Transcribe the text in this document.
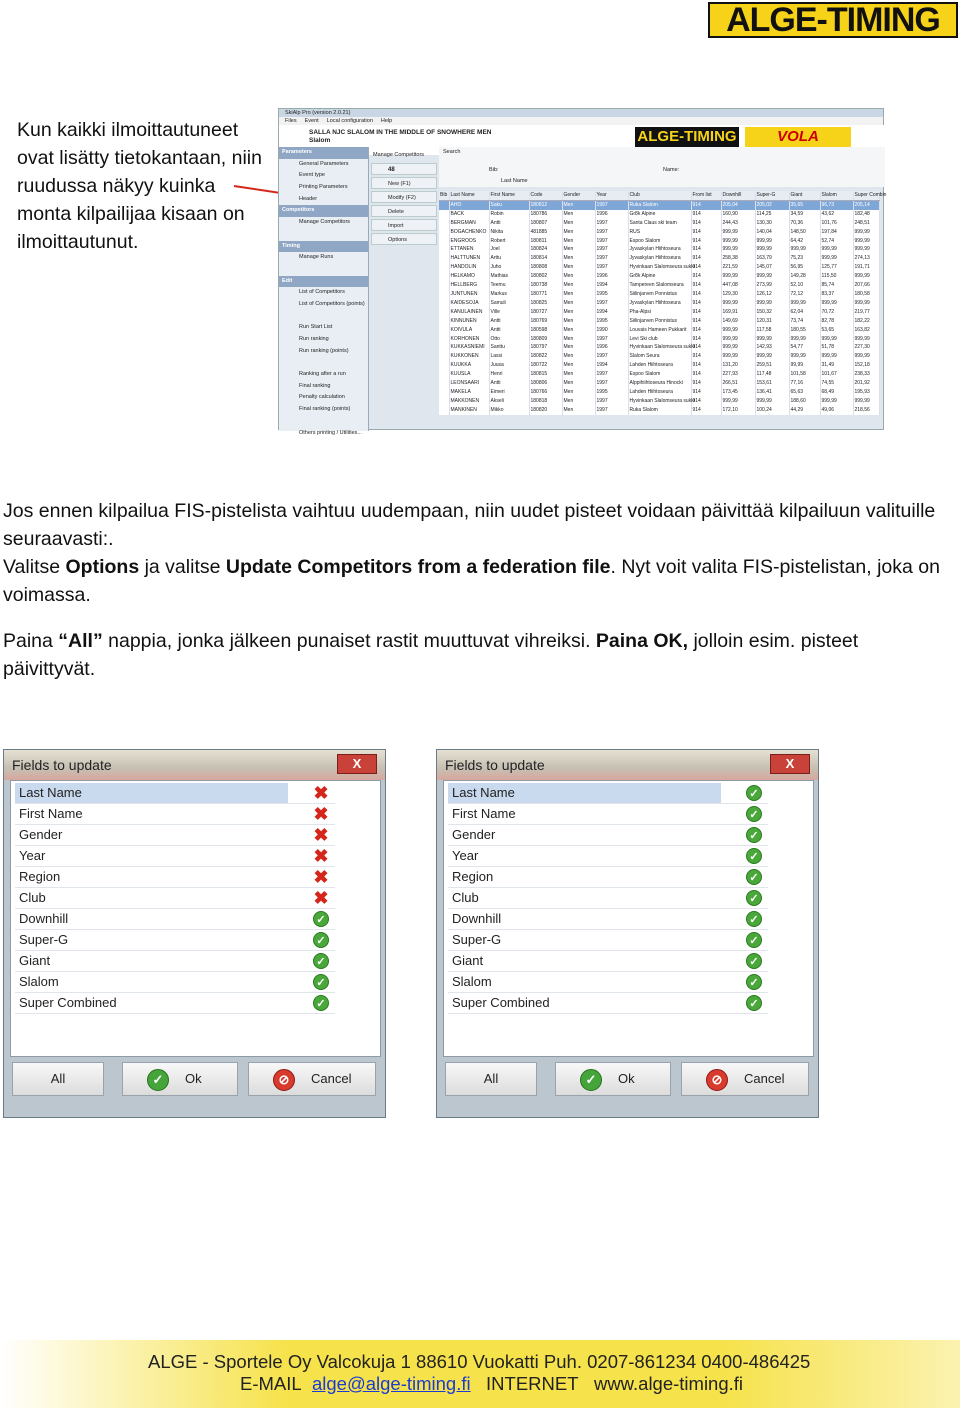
ALGE-TIMING
Kun kaikki ilmoittautuneet ovat lisätty tietokantaan, niin ruudussa näkyy kuinka monta kilpailijaa kisaan on ilmoittautunut.
SkiAlp Pro (version 2.0.21)
Files Event Local configuration Help
SALLA NJC SLALOM IN THE MIDDLE OF SNOWHERE MEN
Slalom	ALGE-TIMING	VOLA
Parameters
General Parameters
Event type
Printing Parameters
Header
Competitors
Manage Competitors
Timing
Manage Runs
Edit
List of Competitors
List of Competitors (points)
Run Start List
Run ranking
Run ranking (points)
Ranking after a run
Final ranking
Penalty calculation
Final ranking (points)
Others printing / Utilities...
Manage Competitors
48
New (F1)
Modify (F2)
Delete
Import
Options
Search
Bib:	Name:
Last Name
Bib	Last Name	First Name	Code	Gender	Year	Club	From list	Downhill	Super-G	Giant	Slalom	Super Combin
	AHO	Saku	180812	Men	1997	Ruka Slalom	914	205,04	205,02	35,65	96,73	205,14
	BACK	Robin	180786	Men	1996	Gr8k Alpine	914	160,90	114,25	34,59	43,62	182,48
	BERGMAN	Antti	180807	Men	1997	Santa Claus ski team	914	244,43	130,30	70,36	101,76	248,51
	BOGACHENKO	Nikita	481885	Men	1997	RUS	914	999,99	140,04	148,50	197,84	999,99
	ENGROOS	Robert	180811	Men	1997	Espoo Slalom	914	999,99	999,99	64,42	52,74	999,99
	ETTANEN	Joel	180824	Men	1997	Jyvaskylan Hiihtoseura	914	999,99	999,99	999,99	999,99	999,99
	HALTTUNEN	Arttu	180814	Men	1997	Jyvaskylan Hiihtoseura	914	258,38	163,79	75,23	999,99	274,13
	HANDOLIN	Juho	180808	Men	1997	Hyvinkaan Slalomseura sukki	914	221,59	145,07	56,95	125,77	191,71
	HELKAMO	Mathias	180802	Men	1996	Gr8k Alpine	914	999,99	999,99	149,28	115,50	999,99
	HELLBERG	Teemu	180738	Men	1994	Tampereen Slalomseura	914	447,08	273,99	52,10	85,74	207,66
	JUNTUNEN	Markus	180771	Men	1995	Siilinjarven Ponnistus	914	129,30	126,12	72,12	83,37	180,58
	KAIDESOJA	Samuli	180825	Men	1997	Jyvaskylan Hiihtoseura	914	999,99	999,99	999,99	999,99	999,99
	KANULAINEN	Ville	180727	Men	1994	Pha-Alpsi	914	169,91	150,32	62,04	70,72	219,77
	KINNUNEN	Antti	180769	Men	1995	Siilinjarven Ponnistus	914	149,69	120,31	73,74	82,78	182,22
	KOIVULA	Antti	180598	Men	1990	Louvais Hameen Pukkarit	914	999,99	117,58	180,55	53,65	163,82
	KORHONEN	Otto	180809	Men	1997	Levi Ski club	914	999,99	999,99	999,99	999,99	999,99
	KUKKASNIEMI	Santtu	180797	Men	1996	Hyvinkaan Slalomseura sukki	914	999,99	142,93	54,77	51,78	227,30
	KUKKONEN	Lassi	180822	Men	1997	Slalom Seura	914	999,99	999,99	999,99	999,99	999,99
	KUUKKA	Juusa	180722	Men	1994	Lahden Hiihtoseura	914	131,20	259,51	99,99	31,49	152,18
	KUUSLA	Henri	180815	Men	1997	Espoo Slalom	914	227,93	117,48	101,58	101,67	238,33
	LEONSAARI	Antti	180806	Men	1997	Alppihiihtoseura Hinocki	914	266,51	153,61	77,16	74,55	201,92
	MAKELA	Eimeri	180766	Men	1995	Lahden Hiihtoseura	914	173,45	136,41	65,63	68,49	195,93
	MAKKONEN	Akseli	180818	Men	1997	Hyvinkaan Slalomseura sukki	914	999,99	999,99	188,60	999,99	999,99
	MANKINEN	Mikko	180820	Men	1997	Ruka Slalom	914	172,10	100,24	44,29	49,06	218,56
Jos ennen kilpailua FIS-pistelista vaihtuu uudempaan, niin uudet pisteet voidaan päivittää kilpailuun valituille seuraavasti:.
Valitse Options ja valitse Update Competitors from a federation file. Nyt voit valita FIS-pistelistan, joka on voimassa.
Paina “All” nappia, jonka jälkeen punaiset rastit muuttuvat vihreiksi. Paina OK, jolloin esim. pisteet päivittyvät.
Fields to update	X
Last Name	✖
First Name	✖
Gender	✖
Year	✖
Region	✖
Club	✖
Downhill	✓
Super-G	✓
Giant	✓
Slalom	✓
Super Combined	✓
All	✓	Ok	⊘	Cancel
Fields to update	X
Last Name	✓
First Name	✓
Gender	✓
Year	✓
Region	✓
Club	✓
Downhill	✓
Super-G	✓
Giant	✓
Slalom	✓
Super Combined	✓
All	✓	Ok	⊘	Cancel
ALGE - Sportele Oy Valcokuja 1 88610 Vuokatti Puh. 0207-861234 0400-486425
E-MAIL alge@alge-timing.fi INTERNET www.alge-timing.fi
